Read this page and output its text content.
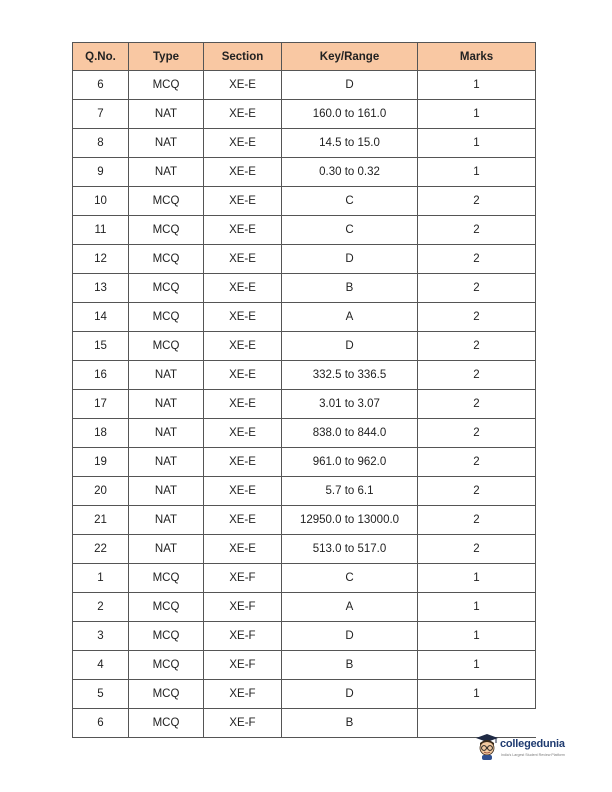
Q.No.	Type	Section	Key/Range	Marks
6	MCQ	XE-E	D	1
7	NAT	XE-E	160.0 to 161.0	1
8	NAT	XE-E	14.5 to 15.0	1
9	NAT	XE-E	0.30 to 0.32	1
10	MCQ	XE-E	C	2
11	MCQ	XE-E	C	2
12	MCQ	XE-E	D	2
13	MCQ	XE-E	B	2
14	MCQ	XE-E	A	2
15	MCQ	XE-E	D	2
16	NAT	XE-E	332.5 to 336.5	2
17	NAT	XE-E	3.01 to 3.07	2
18	NAT	XE-E	838.0 to 844.0	2
19	NAT	XE-E	961.0 to 962.0	2
20	NAT	XE-E	5.7 to 6.1	2
21	NAT	XE-E	12950.0 to 13000.0	2
22	NAT	XE-E	513.0 to 517.0	2
1	MCQ	XE-F	C	1
2	MCQ	XE-F	A	1
3	MCQ	XE-F	D	1
4	MCQ	XE-F	B	1
5	MCQ	XE-F	D	1
6	MCQ	XE-F	B	
collegedunia
India's Largest Student Review Platform
